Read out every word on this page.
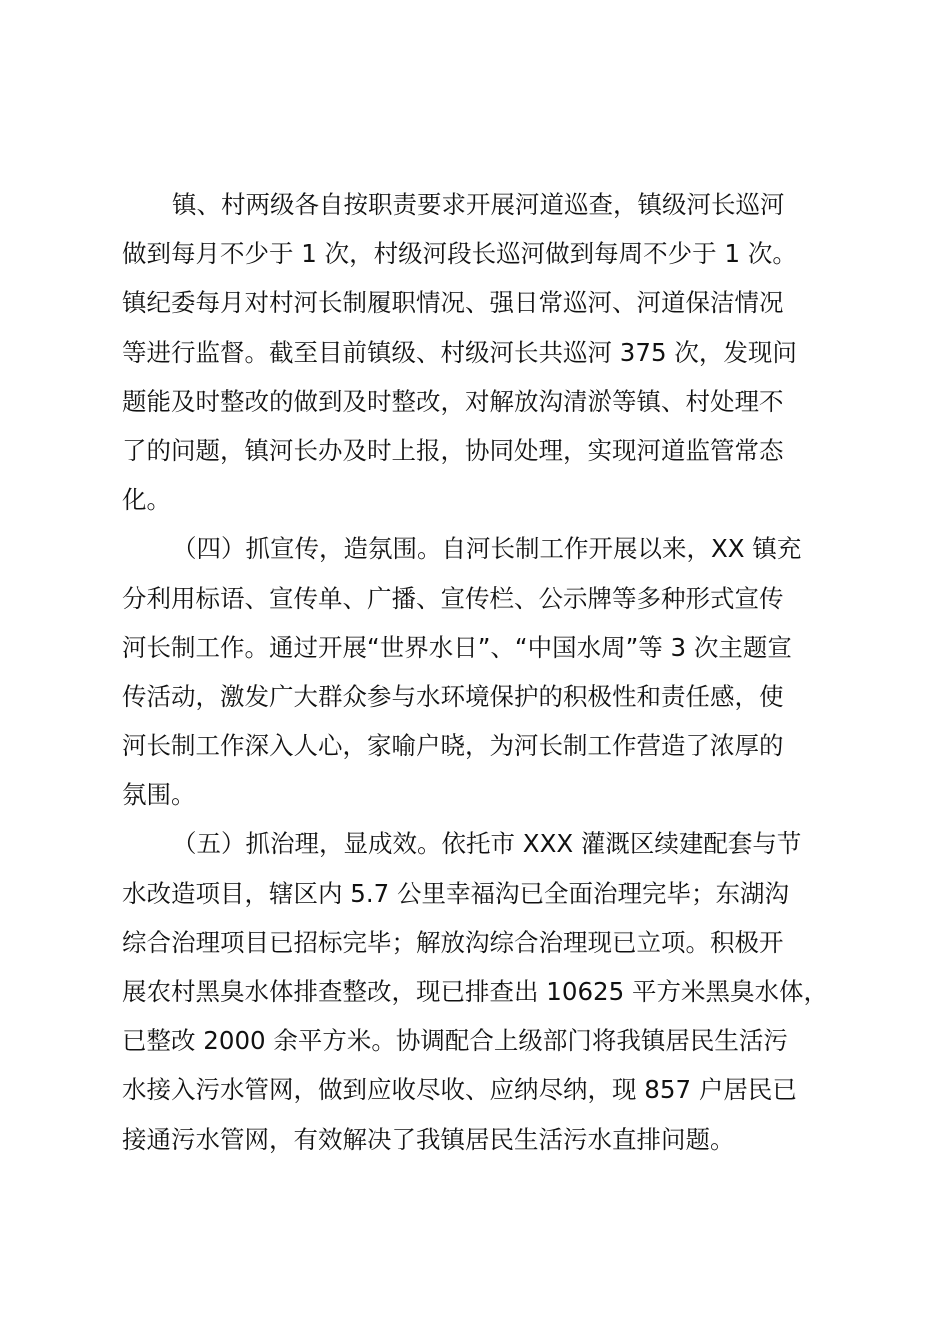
镇、村两级各自按职责要求开展河道巡查，镇级河长巡河
做到每月不少于 1 次，村级河段长巡河做到每周不少于 1 次。
镇纪委每月对村河长制履职情况、强日常巡河、河道保洁情况
等进行监督。截至目前镇级、村级河长共巡河 375 次，发现问
题能及时整改的做到及时整改，对解放沟清淤等镇、村处理不
了的问题，镇河长办及时上报，协同处理，实现河道监管常态
化。
（四）抓宣传，造氛围。自河长制工作开展以来，XX 镇充
分利用标语、宣传单、广播、宣传栏、公示牌等多种形式宣传
河长制工作。通过开展“世界水日”、“中国水周”等 3 次主题宣
传活动，激发广大群众参与水环境保护的积极性和责任感，使
河长制工作深入人心，家喻户晓，为河长制工作营造了浓厚的
氛围。
（五）抓治理，显成效。依托市 XXX 灌溉区续建配套与节
水改造项目，辖区内 5.7 公里幸福沟已全面治理完毕；东湖沟
综合治理项目已招标完毕；解放沟综合治理现已立项。积极开
展农村黑臭水体排查整改，现已排查出 10625 平方米黑臭水体，
已整改 2000 余平方米。协调配合上级部门将我镇居民生活污
水接入污水管网，做到应收尽收、应纳尽纳，现 857 户居民已
接通污水管网，有效解决了我镇居民生活污水直排问题。
